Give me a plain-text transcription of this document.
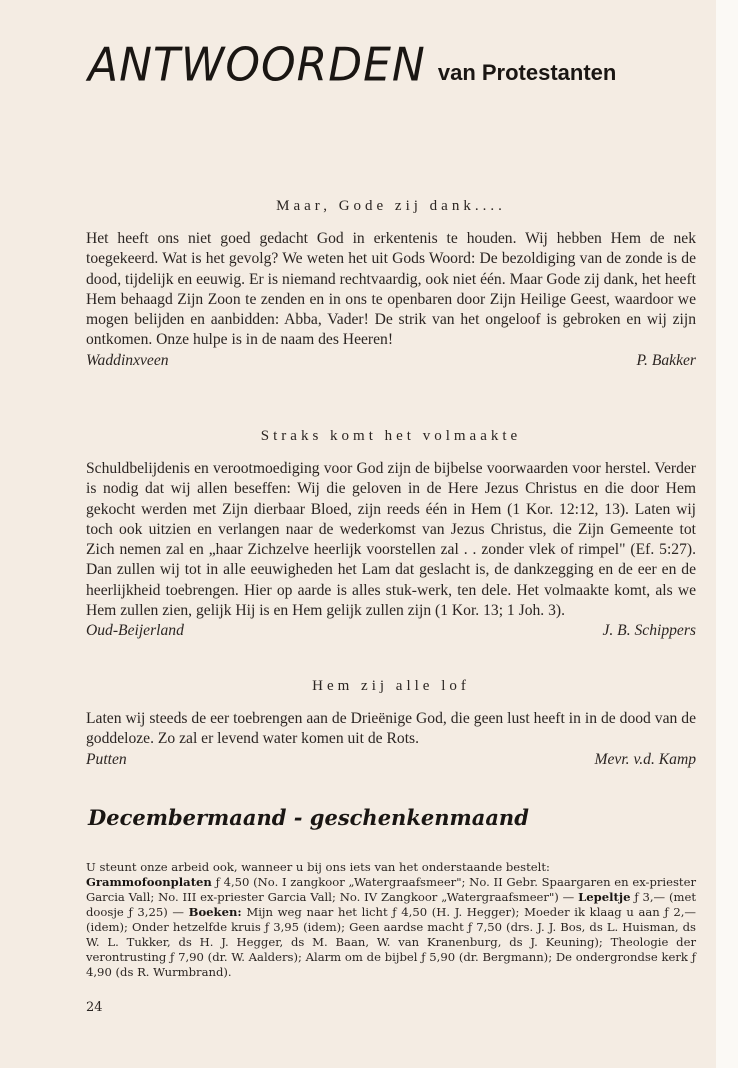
ANTWOORDEN van Protestanten
Maar, Gode zij dank....
Het heeft ons niet goed gedacht God in erkentenis te houden. Wij hebben Hem de nek toegekeerd. Wat is het gevolg? We weten het uit Gods Woord: De bezoldiging van de zonde is de dood, tijdelijk en eeuwig. Er is niemand rechtvaardig, ook niet één. Maar Gode zij dank, het heeft Hem behaagd Zijn Zoon te zenden en in ons te openbaren door Zijn Heilige Geest, waardoor we mogen belijden en aanbidden: Abba, Vader! De strik van het ongeloof is gebroken en wij zijn ontkomen. Onze hulpe is in de naam des Heeren!
Waddinxveen	P. Bakker
Straks komt het volmaakte
Schuldbelijdenis en verootmoediging voor God zijn de bijbelse voorwaarden voor herstel. Verder is nodig dat wij allen beseffen: Wij die geloven in de Here Jezus Christus en die door Hem gekocht werden met Zijn dierbaar Bloed, zijn reeds één in Hem (1 Kor. 12:12, 13). Laten wij toch ook uitzien en verlangen naar de wederkomst van Jezus Christus, die Zijn Gemeente tot Zich nemen zal en „haar Zichzelve heerlijk voorstellen zal . . zonder vlek of rimpel" (Ef. 5:27). Dan zullen wij tot in alle eeuwigheden het Lam dat geslacht is, de dankzegging en de eer en de heerlijkheid toebrengen. Hier op aarde is alles stuk-werk, ten dele. Het volmaakte komt, als we Hem zullen zien, gelijk Hij is en Hem gelijk zullen zijn (1 Kor. 13; 1 Joh. 3).
Oud-Beijerland	J. B. Schippers
Hem zij alle lof
Laten wij steeds de eer toebrengen aan de Drieënige God, die geen lust heeft in in de dood van de goddeloze. Zo zal er levend water komen uit de Rots.
Putten	Mevr. v.d. Kamp
Decembermaand - geschenkenmaand
U steunt onze arbeid ook, wanneer u bij ons iets van het onderstaande bestelt:
Grammofoonplaten ƒ 4,50 (No. I zangkoor „Watergraafsmeer"; No. II Gebr. Spaargaren en ex-priester Garcia Vall; No. III ex-priester Garcia Vall; No. IV Zangkoor „Watergraafsmeer") — Lepeltje ƒ 3,— (met doosje ƒ 3,25) — Boeken: Mijn weg naar het licht ƒ 4,50 (H. J. Hegger); Moeder ik klaag u aan ƒ 2,— (idem); Onder hetzelfde kruis ƒ 3,95 (idem); Geen aardse macht ƒ 7,50 (drs. J. J. Bos, ds L. Huisman, ds W. L. Tukker, ds H. J. Hegger, ds M. Baan, W. van Kranenburg, ds J. Keuning); Theologie der verontrusting ƒ 7,90 (dr. W. Aalders); Alarm om de bijbel ƒ 5,90 (dr. Bergmann); De ondergrondse kerk ƒ 4,90 (ds R. Wurmbrand).
24
